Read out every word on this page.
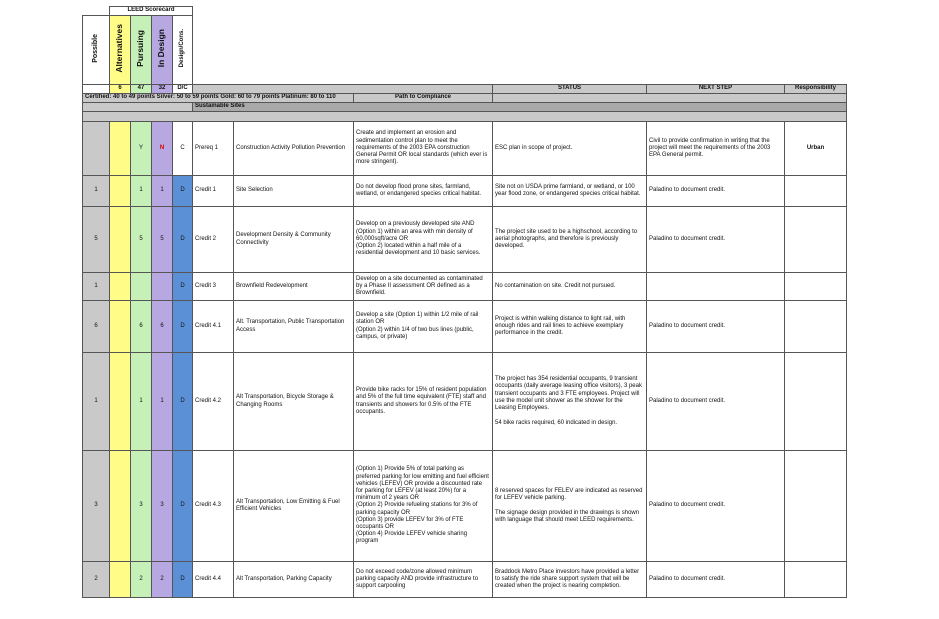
	LEED Scorecard									
Possible	Alternatives	Pursuing	In Design	Design/Cons.						
	6	47	32	D/C				STATUS	NEXT STEP	Responsibility
Certified: 40 to 49 points Silver: 50 to 59 points Gold: 60 to 79 points Platinum: 80 to 110							Path to Compliance			
					Sustainable Sites					

		Y	N	C	Prereq 1	Construction Activity Pollution Prevention	Create and implement an erosion and sedimentation control plan to meet the requirements of the 2003 EPA construction General Permit OR local standards (which ever is more stringent).	ESC plan in scope of project.	Civil to provide confirmation in writing that the project will meet the requirements of the 2003 EPA General permit.	Urban
1		1	1	D	Credit 1	Site Selection	Do not develop flood prone sites, farmland, wetland, or endangered species critical habitat.	Site not on USDA prime farmland, or wetland, or 100 year flood zone, or endangered species critical habitat.	Paladino to document credit.	
5		5	5	D	Credit 2	Development Density & Community Connectivity	Develop on a previously developed site AND
(Option 1) within an area with min density of 60,000sqft/acre OR
(Option 2) located within a half mile of a residential development and 10 basic services.	The project site used to be a highschool, according to aerial photographs, and therefore is previously developed.	Paladino to document credit.	
1				D	Credit 3	Brownfield Redevelopment	Develop on a site documented as contaminated by a Phase II assessment OR defined as a Brownfield.	No contamination on site. Credit not pursued.		
6		6	6	D	Credit 4.1	Alt. Transportation, Public Transportation Access	Develop a site (Option 1) within 1/2 mile of rail station OR
(Option 2) within 1/4 of two bus lines (public, campus, or private)	Project is within walking distance to light rail, with enough rides and rail lines to achieve exemplary performance in the credit.	Paladino to document credit.	
1		1	1	D	Credit 4.2	Alt Transportation, Bicycle Storage & Changing Rooms	Provide bike racks for 15% of resident population and 5% of the full time equivalent (FTE) staff and transients and showers for 0.5% of the FTE occupants.	The project has 354 residential occupants, 9 transient occupants (daily average leasing office visitors), 3 peak transient occupants and 3 FTE employees. Project will use the model unit shower as the shower for the Leasing Employees.

54 bike racks required, 60 indicated in design.	Paladino to document credit.	
3		3	3	D	Credit 4.3	Alt Transportation, Low Emitting & Fuel Efficient Vehicles	(Option 1) Provide 5% of total parking as preferred parking for low emitting and fuel efficient vehicles (LEFEV) OR provide a discounted rate for parking for LEFEV (at least 20%) for a minimum of 2 years OR
(Option 2) Provide refueling stations for 3% of parking capacity OR
(Option 3) provide LEFEV for 3% of FTE occupants OR
(Option 4) Provide LEFEV vehicle sharing program	8 reserved spaces for FELEV are indicated as reserved for LEFEV vehicle parking.

The signage design provided in the drawings is shown with language that should meet LEED requirements.	Paladino to document credit.	
2		2	2	D	Credit 4.4	Alt Transportation, Parking Capacity	Do not exceed code/zone allowed minimum parking capacity AND provide infrastructure to support carpooling	Braddock Metro Place investors have provided a letter to satisfy the ride share support system that will be created when the project is nearing completion.	Paladino to document credit.	
